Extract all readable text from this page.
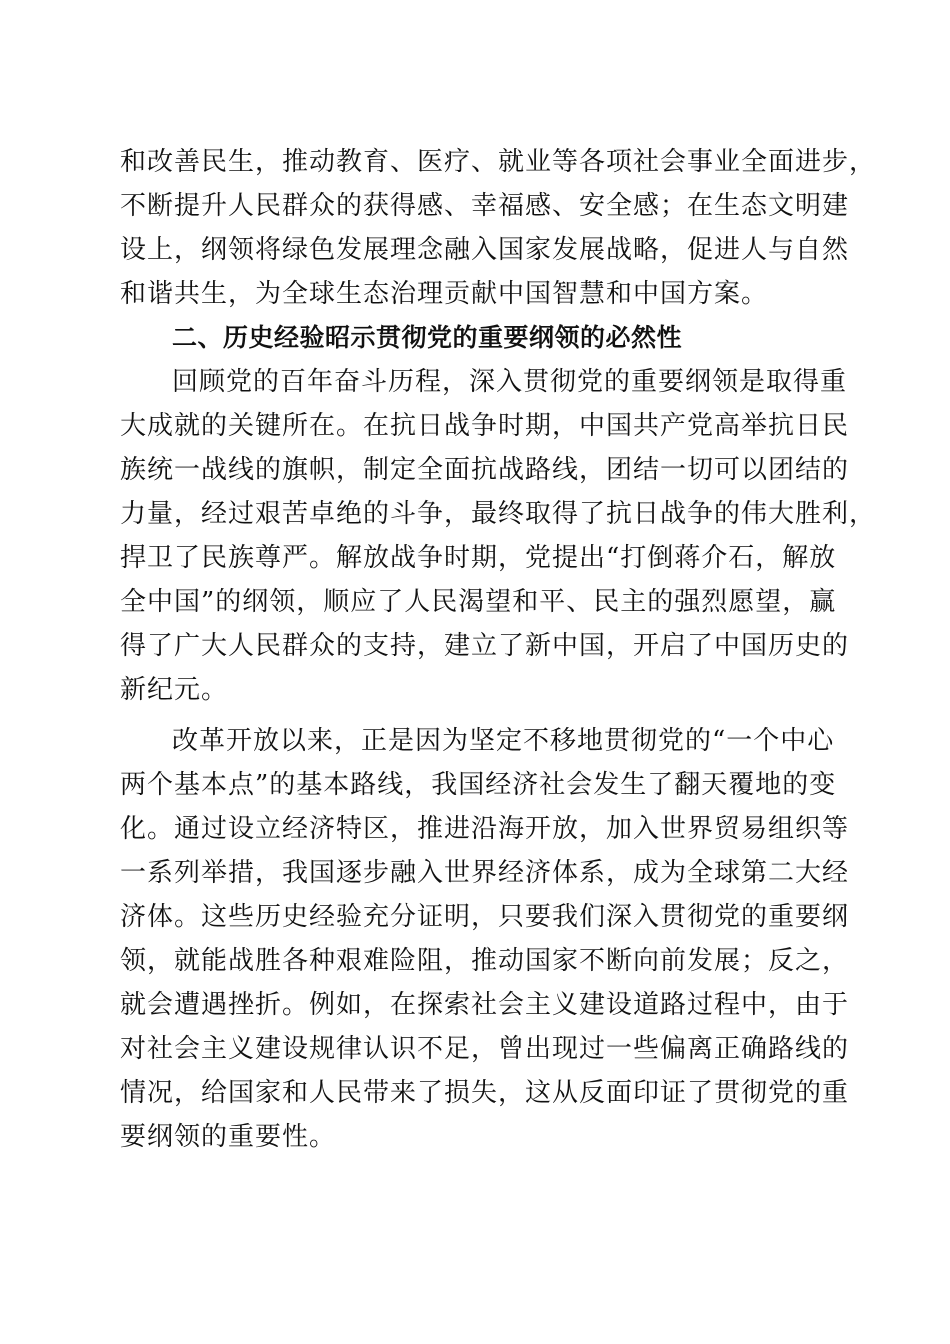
和改善民生，推动教育、医疗、就业等各项社会事业全面进步，
不断提升人民群众的获得感、幸福感、安全感；在生态文明建
设上，纲领将绿色发展理念融入国家发展战略，促进人与自然
和谐共生，为全球生态治理贡献中国智慧和中国方案。
二、历史经验昭示贯彻党的重要纲领的必然性
回顾党的百年奋斗历程，深入贯彻党的重要纲领是取得重
大成就的关键所在。在抗日战争时期，中国共产党高举抗日民
族统一战线的旗帜，制定全面抗战路线，团结一切可以团结的
力量，经过艰苦卓绝的斗争，最终取得了抗日战争的伟大胜利，
捍卫了民族尊严。解放战争时期，党提出“打倒蒋介石，解放
全中国”的纲领，顺应了人民渴望和平、民主的强烈愿望，赢
得了广大人民群众的支持，建立了新中国，开启了中国历史的
新纪元。
改革开放以来，正是因为坚定不移地贯彻党的“一个中心
两个基本点”的基本路线，我国经济社会发生了翻天覆地的变
化。通过设立经济特区，推进沿海开放，加入世界贸易组织等
一系列举措，我国逐步融入世界经济体系，成为全球第二大经
济体。这些历史经验充分证明，只要我们深入贯彻党的重要纲
领，就能战胜各种艰难险阻，推动国家不断向前发展；反之，
就会遭遇挫折。例如，在探索社会主义建设道路过程中，由于
对社会主义建设规律认识不足，曾出现过一些偏离正确路线的
情况，给国家和人民带来了损失，这从反面印证了贯彻党的重
要纲领的重要性。
